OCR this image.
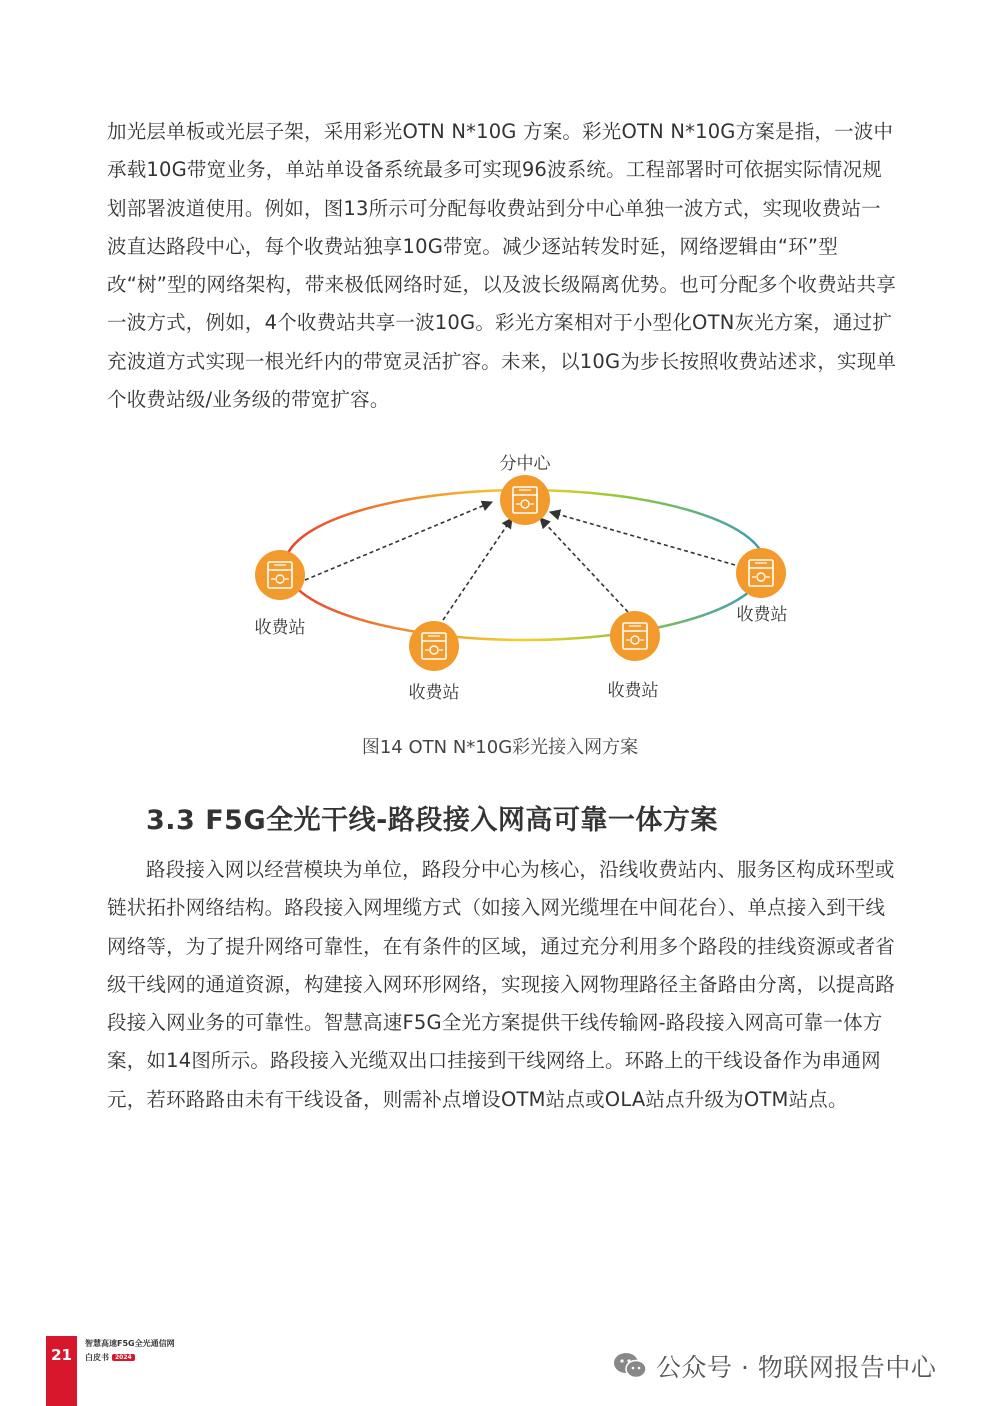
加光层单板或光层子架，采用彩光OTN N*10G 方案。彩光OTN N*10G方案是指，一波中承载10G带宽业务，单站单设备系统最多可实现96波系统。工程部署时可依据实际情况规划部署波道使用。例如，图13所示可分配每收费站到分中心单独一波方式，实现收费站一波直达路段中心，每个收费站独享10G带宽。减少逐站转发时延，网络逻辑由“环”型改“树”型的网络架构，带来极低网络时延，以及波长级隔离优势。也可分配多个收费站共享一波方式，例如，4个收费站共享一波10G。彩光方案相对于小型化OTN灰光方案，通过扩充波道方式实现一根光纤内的带宽灵活扩容。未来，以10G为步长按照收费站述求，实现单个收费站级/业务级的带宽扩容。

分中心
收费站
收费站	收费站
收费站
图14 OTN N*10G彩光接入网方案
3.3 F5G全光干线-路段接入网高可靠一体方案

路段接入网以经营模块为单位，路段分中心为核心，沿线收费站内、服务区构成环型或链状拓扑网络结构。路段接入网埋缆方式（如接入网光缆埋在中间花台）、单点接入到干线网络等，为了提升网络可靠性，在有条件的区域，通过充分利用多个路段的挂线资源或者省级干线网的通道资源，构建接入网环形网络，实现接入网物理路径主备路由分离，以提高路段接入网业务的可靠性。智慧高速F5G全光方案提供干线传输网-路段接入网高可靠一体方案，如14图所示。路段接入光缆双出口挂接到干线网络上。环路上的干线设备作为串通网元，若环路路由未有干线设备，则需补点增设OTM站点或OLA站点升级为OTM站点。

21
智慧高速F5G全光通信网
白皮书 2024	公众号 · 物联网报告中心
